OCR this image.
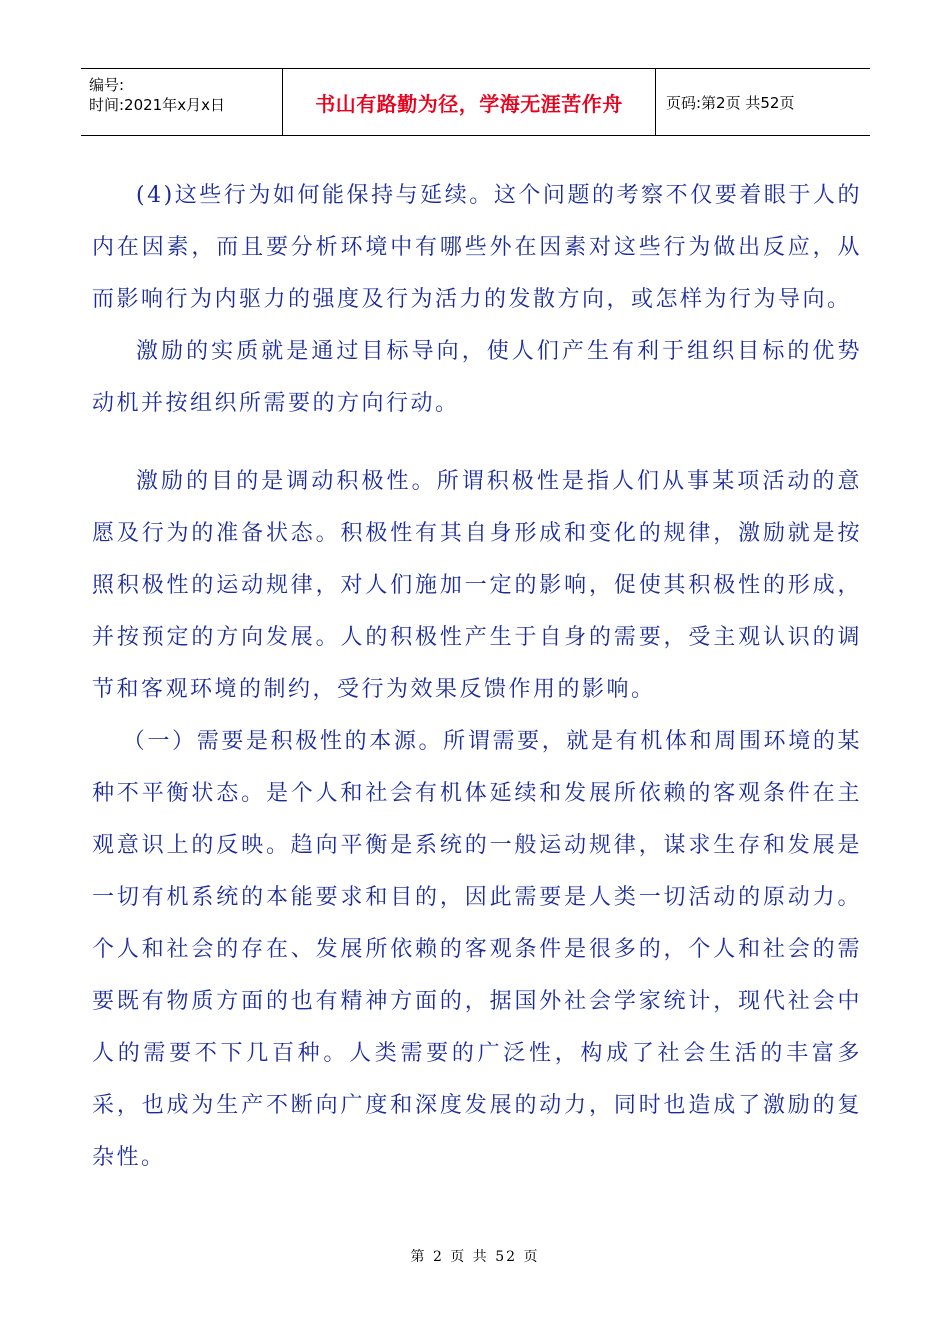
编号:
时间:2021年x月x日	书山有路勤为径，学海无涯苦作舟	页码:第2页 共52页

(4)这些行为如何能保持与延续。这个问题的考察不仅要着眼于人的内在因素，而且要分析环境中有哪些外在因素对这些行为做出反应，从而影响行为内驱力的强度及行为活力的发散方向，或怎样为行为导向。

激励的实质就是通过目标导向，使人们产生有利于组织目标的优势动机并按组织所需要的方向行动。

激励的目的是调动积极性。所谓积极性是指人们从事某项活动的意愿及行为的准备状态。积极性有其自身形成和变化的规律，激励就是按照积极性的运动规律，对人们施加一定的影响，促使其积极性的形成，并按预定的方向发展。人的积极性产生于自身的需要，受主观认识的调节和客观环境的制约，受行为效果反馈作用的影响。

（一）需要是积极性的本源。所谓需要，就是有机体和周围环境的某种不平衡状态。是个人和社会有机体延续和发展所依赖的客观条件在主观意识上的反映。趋向平衡是系统的一般运动规律，谋求生存和发展是一切有机系统的本能要求和目的，因此需要是人类一切活动的原动力。个人和社会的存在、发展所依赖的客观条件是很多的，个人和社会的需要既有物质方面的也有精神方面的，据国外社会学家统计，现代社会中人的需要不下几百种。人类需要的广泛性，构成了社会生活的丰富多采，也成为生产不断向广度和深度发展的动力，同时也造成了激励的复杂性。

第 2 页 共 52 页
